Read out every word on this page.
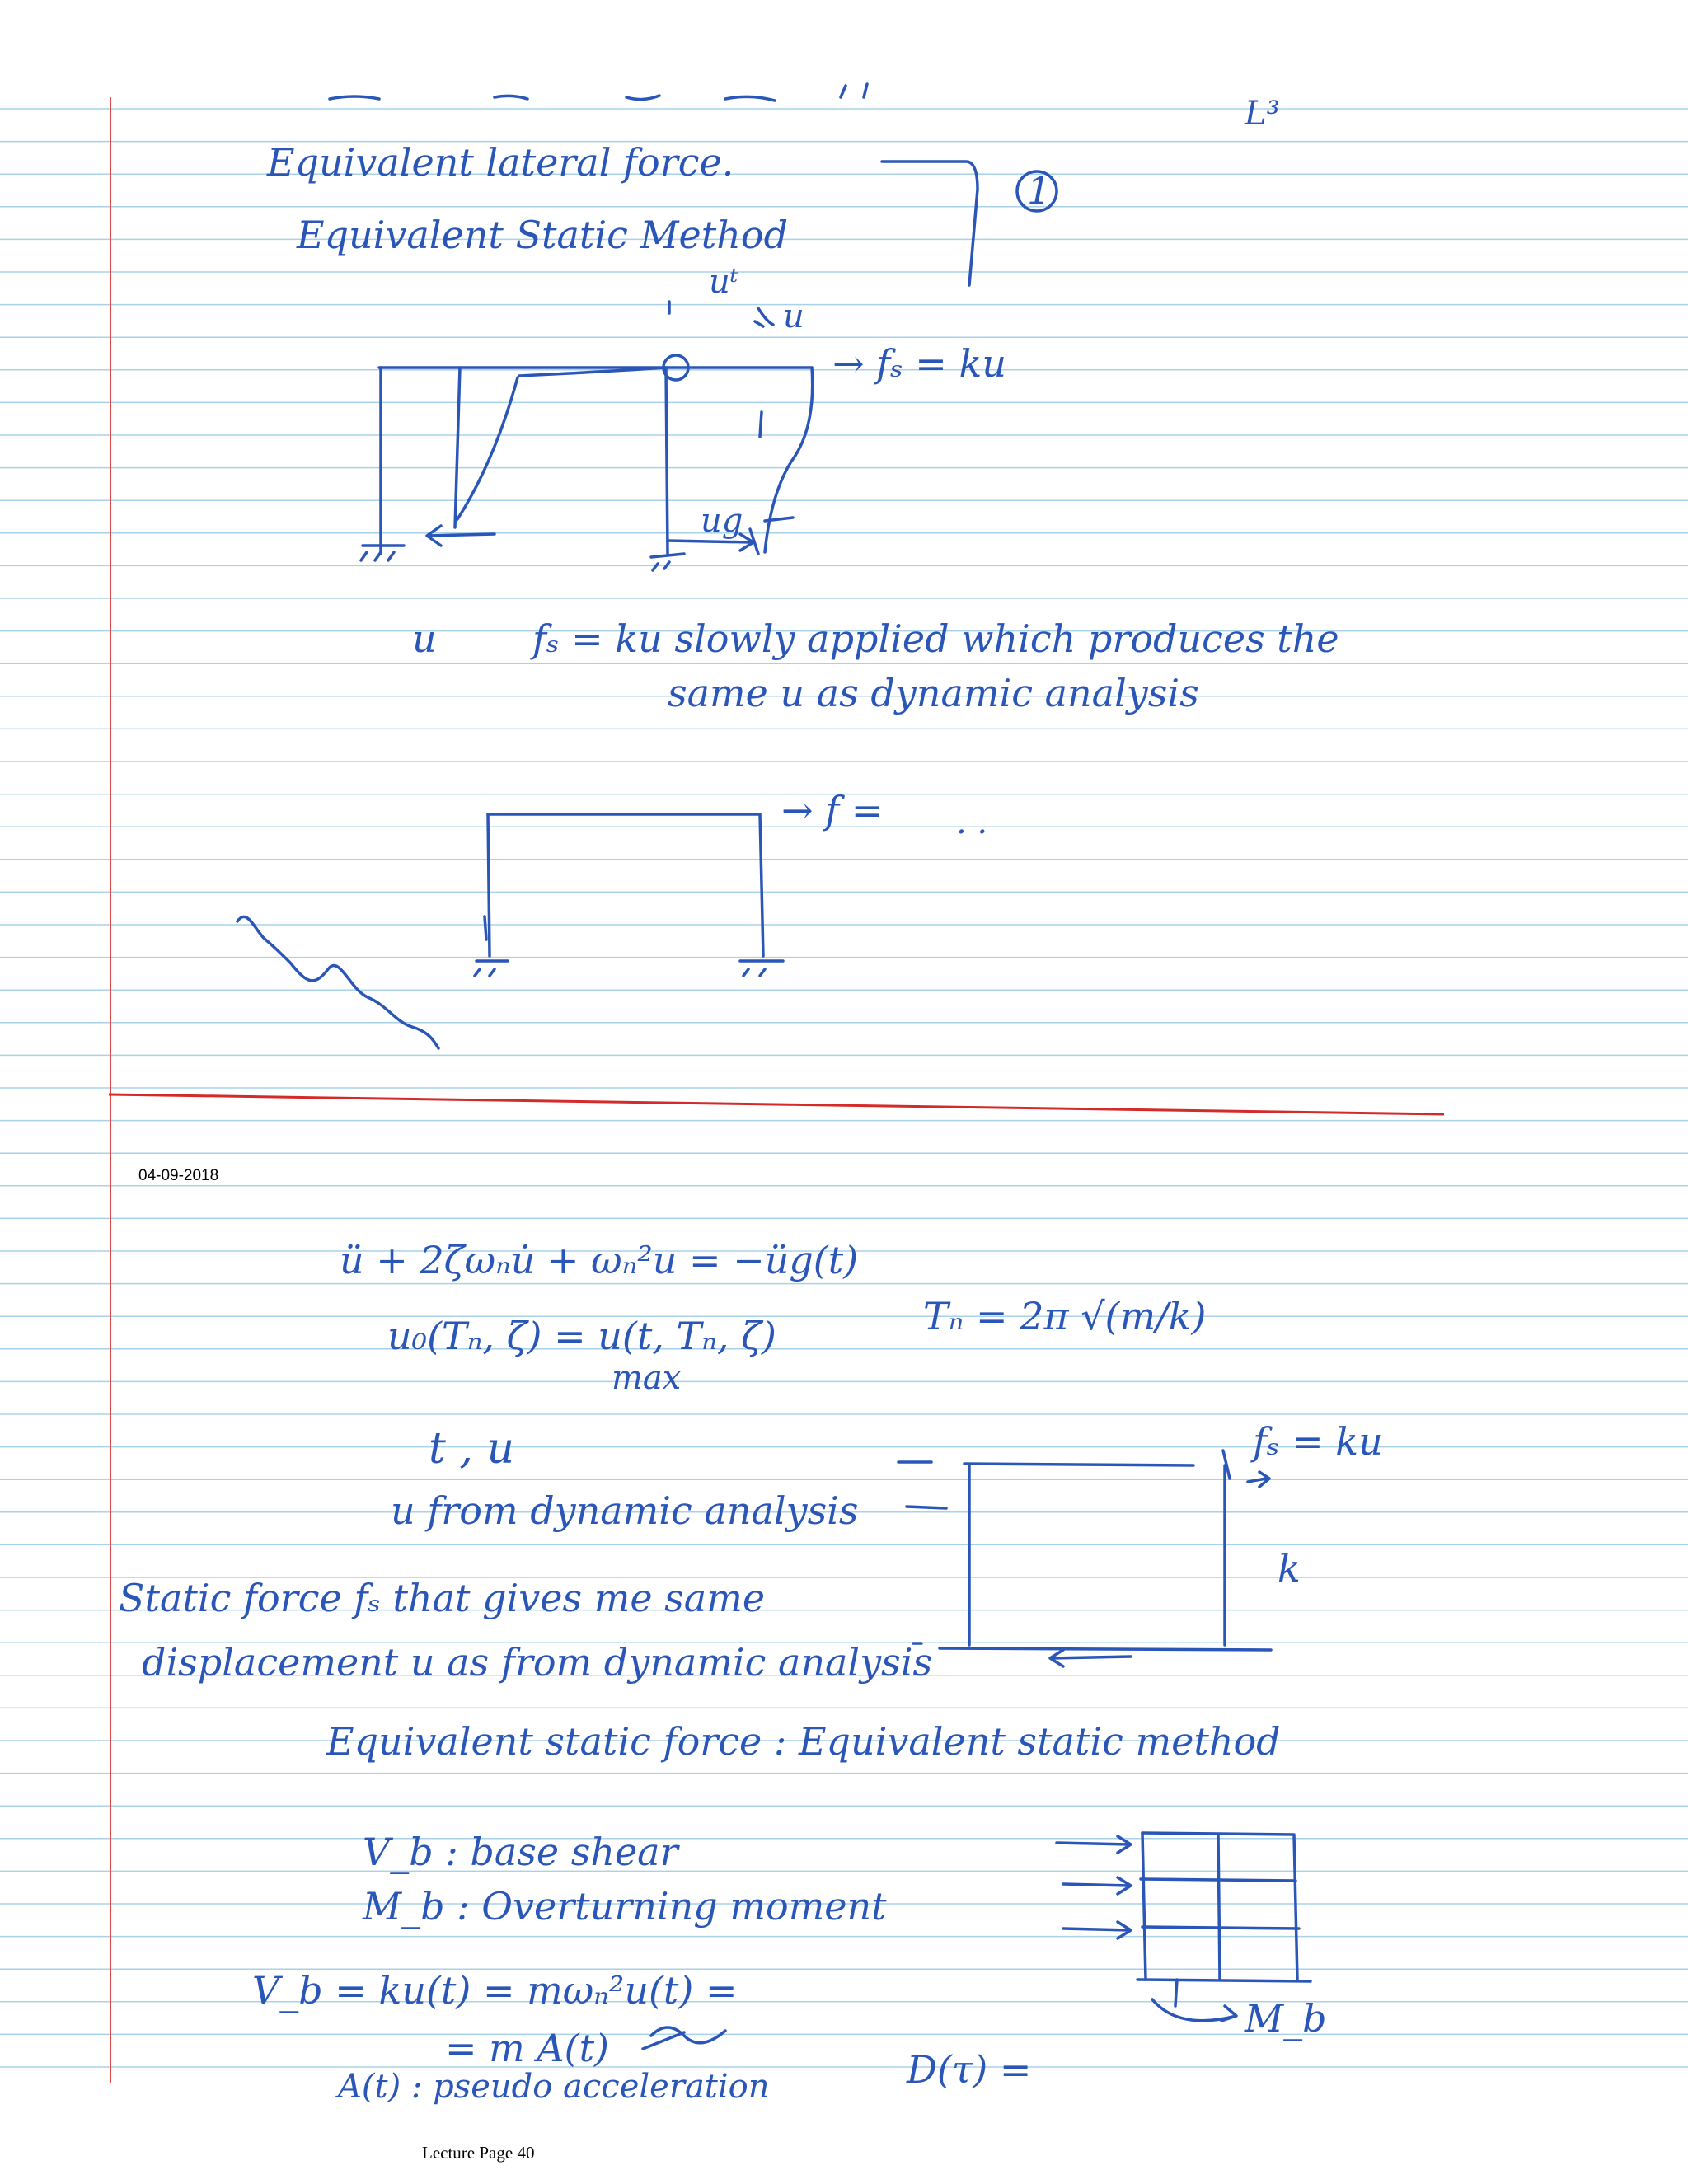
04-09-2018
Lecture Page 40
Equivalent lateral force.
Equivalent Static Method
1
L³
uᵗ
u
→ fₛ = ku
ug
u	fₛ = ku slowly applied which produces the
same u as dynamic analysis
→ f = . .
ü + 2ζωₙu̇ + ωₙ²u = −üg(t)
u₀(Tₙ, ζ) = u(t, Tₙ, ζ)
max
Tₙ = 2π √(m/k)
t , u
u from dynamic analysis
Static force fₛ that gives me same
displacement u as from dynamic analysis
Equivalent static force : Equivalent static method
fₛ = ku
k
V_b : base shear
M_b : Overturning moment
V_b = ku(t) = mωₙ²u(t) =
= m A(t)
A(t) : pseudo acceleration	D(τ) =
M_b
